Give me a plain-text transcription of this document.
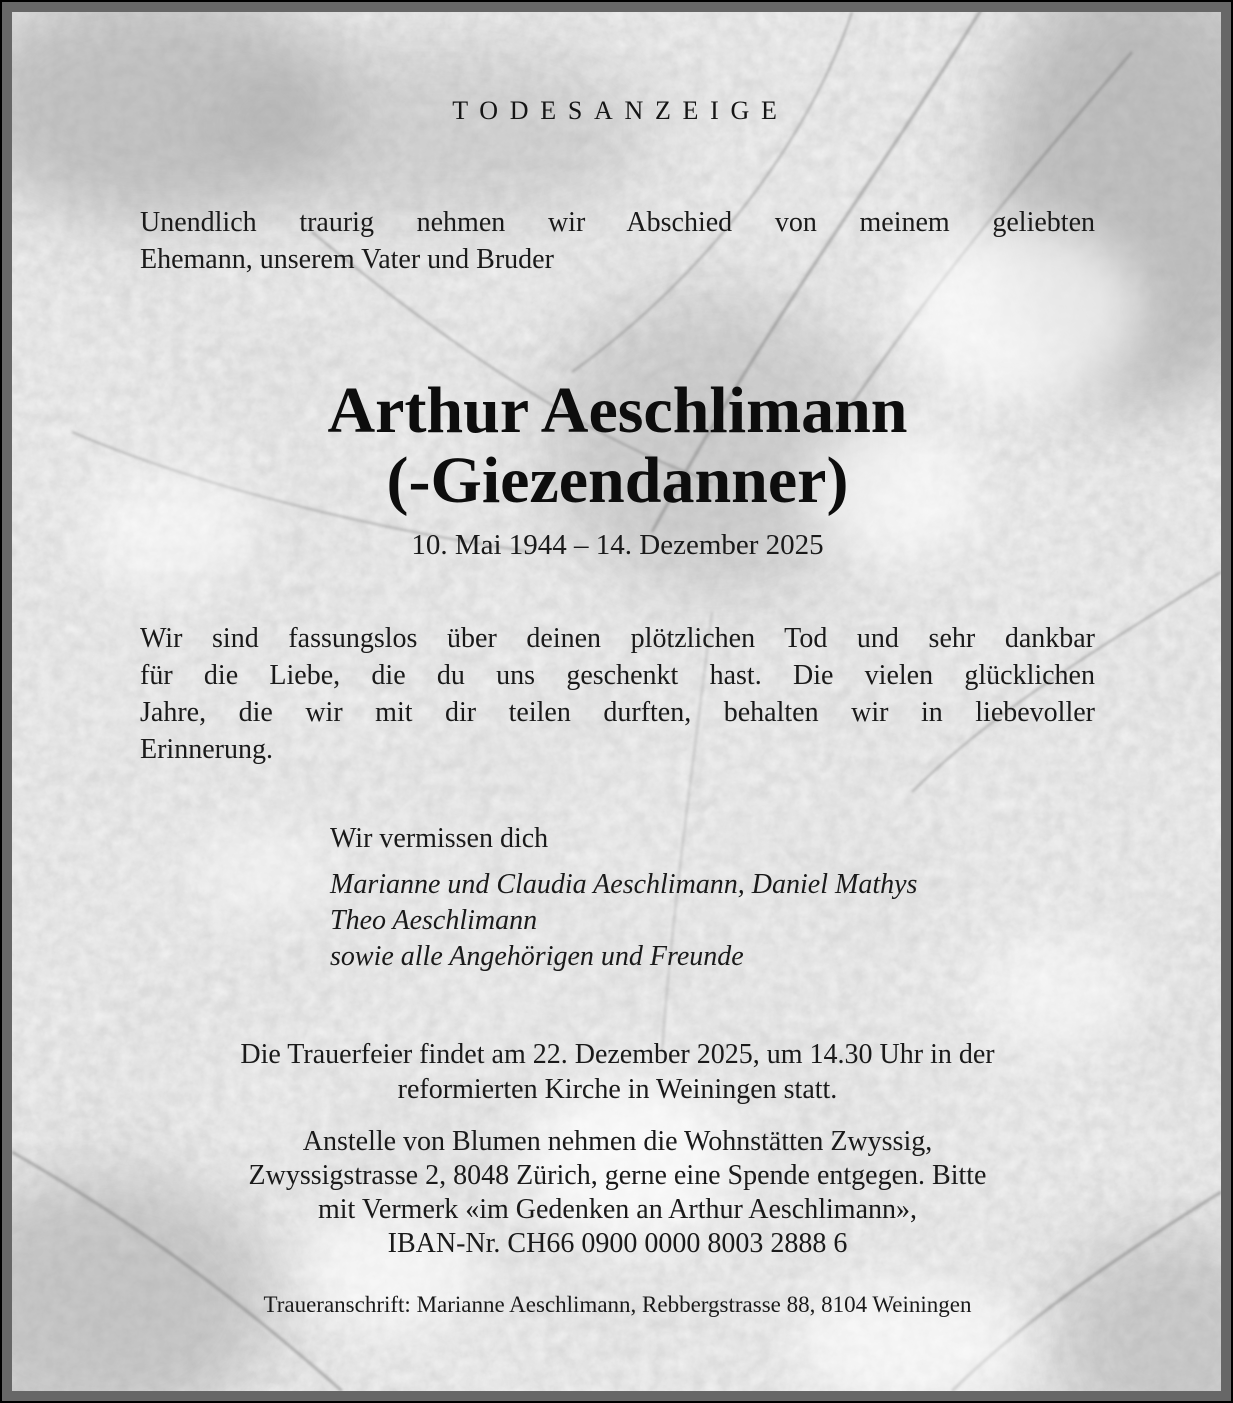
TODESANZEIGE
Unendlich traurig nehmen wir Abschied von meinem geliebten
Ehemann, unserem Vater und Bruder
Arthur Aeschlimann
(-Giezendanner)
10. Mai 1944 – 14. Dezember 2025
Wir sind fassungslos über deinen plötzlichen Tod und sehr dankbar
für die Liebe, die du uns geschenkt hast. Die vielen glücklichen
Jahre, die wir mit dir teilen durften, behalten wir in liebevoller
Erinnerung.
Wir vermissen dich
Marianne und Claudia Aeschlimann, Daniel Mathys
Theo Aeschlimann
sowie alle Angehörigen und Freunde
Die Trauerfeier findet am 22. Dezember 2025, um 14.30 Uhr in der
reformierten Kirche in Weiningen statt.
Anstelle von Blumen nehmen die Wohnstätten Zwyssig,
Zwyssigstrasse 2, 8048 Zürich, gerne eine Spende entgegen. Bitte
mit Vermerk «im Gedenken an Arthur Aeschlimann»,
IBAN-Nr. CH66 0900 0000 8003 2888 6
Traueranschrift: Marianne Aeschlimann, Rebbergstrasse 88, 8104 Weiningen
